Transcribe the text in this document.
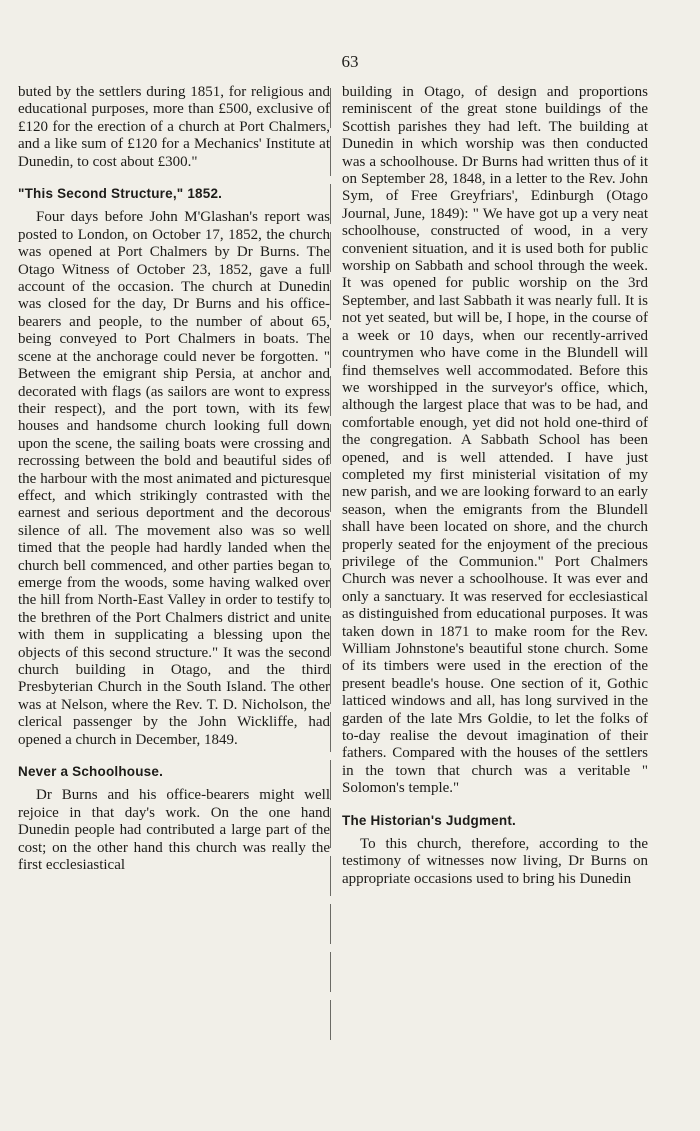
63

buted by the settlers during 1851, for religious and educational purposes, more than £500, exclusive of £120 for the erection of a church at Port Chalmers, and a like sum of £120 for a Mechanics' Institute at Dunedin, to cost about £300."

"This Second Structure," 1852.

Four days before John M'Glashan's report was posted to London, on October 17, 1852, the church was opened at Port Chalmers by Dr Burns. The Otago Witness of October 23, 1852, gave a full account of the occasion. The church at Dunedin was closed for the day, Dr Burns and his office-bearers and people, to the number of about 65, being conveyed to Port Chalmers in boats. The scene at the anchorage could never be forgotten. " Between the emigrant ship Persia, at anchor and decorated with flags (as sailors are wont to express their respect), and the port town, with its few houses and handsome church looking full down upon the scene, the sailing boats were crossing and recrossing between the bold and beautiful sides of the harbour with the most animated and picturesque effect, and which strikingly contrasted with the earnest and serious deportment and the decorous silence of all. The movement also was so well timed that the people had hardly landed when the church bell commenced, and other parties began to emerge from the woods, some having walked over the hill from North-East Valley in order to testify to the brethren of the Port Chalmers district and unite with them in supplicating a blessing upon the objects of this second structure." It was the second church building in Otago, and the third Presbyterian Church in the South Island. The other was at Nelson, where the Rev. T. D. Nicholson, the clerical passenger by the John Wickliffe, had opened a church in December, 1849.

Never a Schoolhouse.

Dr Burns and his office-bearers might well rejoice in that day's work. On the one hand Dunedin people had contributed a large part of the cost; on the other hand this church was really the first ecclesiastical

building in Otago, of design and proportions reminiscent of the great stone buildings of the Scottish parishes they had left. The building at Dunedin in which worship was then conducted was a schoolhouse. Dr Burns had written thus of it on September 28, 1848, in a letter to the Rev. John Sym, of Free Greyfriars', Edinburgh (Otago Journal, June, 1849): " We have got up a very neat schoolhouse, constructed of wood, in a very convenient situation, and it is used both for public worship on Sabbath and school through the week. It was opened for public worship on the 3rd September, and last Sabbath it was nearly full. It is not yet seated, but will be, I hope, in the course of a week or 10 days, when our recently-arrived countrymen who have come in the Blundell will find themselves well accommodated. Before this we worshipped in the surveyor's office, which, although the largest place that was to be had, and comfortable enough, yet did not hold one-third of the congregation. A Sabbath School has been opened, and is well attended. I have just completed my first ministerial visitation of my new parish, and we are looking forward to an early season, when the emigrants from the Blundell shall have been located on shore, and the church properly seated for the enjoyment of the precious privilege of the Communion." Port Chalmers Church was never a schoolhouse. It was ever and only a sanctuary. It was reserved for ecclesiastical as distinguished from educational purposes. It was taken down in 1871 to make room for the Rev. William Johnstone's beautiful stone church. Some of its timbers were used in the erection of the present beadle's house. One section of it, Gothic latticed windows and all, has long survived in the garden of the late Mrs Goldie, to let the folks of to-day realise the devout imagination of their fathers. Compared with the houses of the settlers in the town that church was a veritable " Solomon's temple."

The Historian's Judgment.

To this church, therefore, according to the testimony of witnesses now living, Dr Burns on appropriate occasions used to bring his Dunedin
